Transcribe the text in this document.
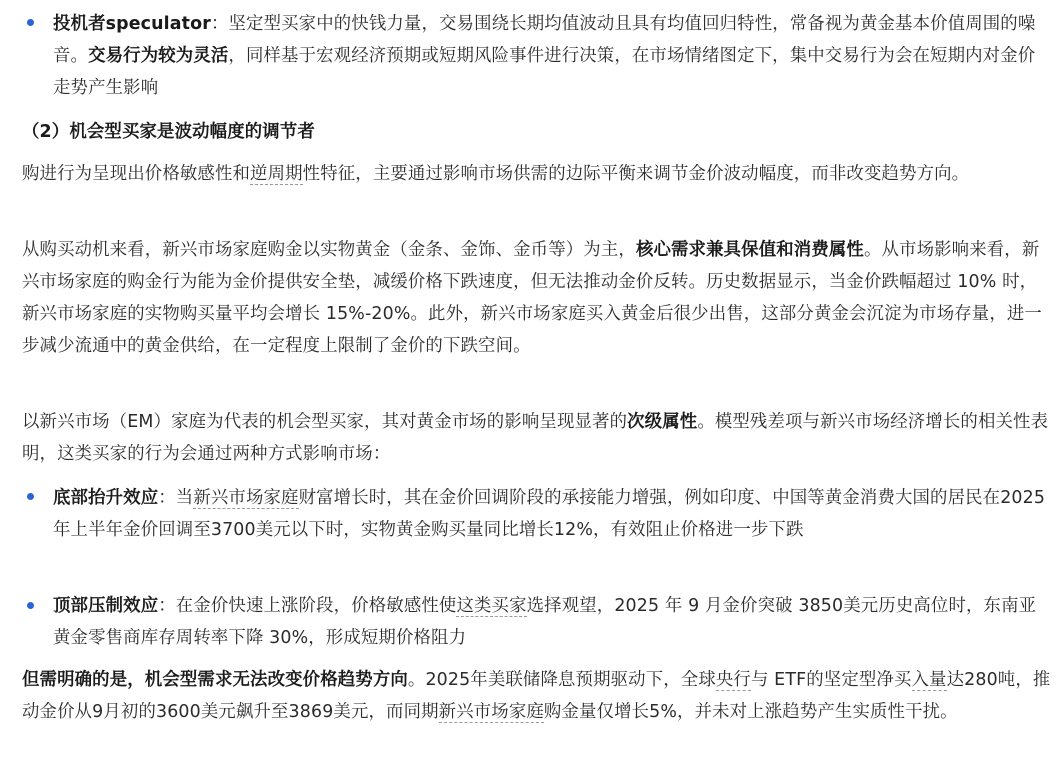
投机者speculator：坚定型买家中的快钱力量，交易围绕长期均值波动且具有均值回归特性，常备视为黄金基本价值周围的噪音。交易行为较为灵活，同样基于宏观经济预期或短期风险事件进行决策，在市场情绪图定下，集中交易行为会在短期内对金价走势产生影响
（2）机会型买家是波动幅度的调节者
购进行为呈现出价格敏感性和逆周期性特征，主要通过影响市场供需的边际平衡来调节金价波动幅度，而非改变趋势方向。
从购买动机来看，新兴市场家庭购金以实物黄金（金条、金饰、金币等）为主，核心需求兼具保值和消费属性。从市场影响来看，新兴市场家庭的购金行为能为金价提供安全垫，减缓价格下跌速度，但无法推动金价反转。历史数据显示，当金价跌幅超过 10% 时，新兴市场家庭的实物购买量平均会增长 15%-20%。此外，新兴市场家庭买入黄金后很少出售，这部分黄金会沉淀为市场存量，进一步减少流通中的黄金供给，在一定程度上限制了金价的下跌空间。
以新兴市场（EM）家庭为代表的机会型买家，其对黄金市场的影响呈现显著的次级属性。模型残差项与新兴市场经济增长的相关性表明，这类买家的行为会通过两种方式影响市场：
底部抬升效应：当新兴市场家庭财富增长时，其在金价回调阶段的承接能力增强，例如印度、中国等黄金消费大国的居民在2025年上半年金价回调至3700美元以下时，实物黄金购买量同比增长12%，有效阻止价格进一步下跌
顶部压制效应：在金价快速上涨阶段，价格敏感性使这类买家选择观望，2025 年 9 月金价突破 3850美元历史高位时，东南亚黄金零售商库存周转率下降 30%，形成短期价格阻力
但需明确的是，机会型需求无法改变价格趋势方向。2025年美联储降息预期驱动下，全球央行与 ETF的坚定型净买入量达280吨，推动金价从9月初的3600美元飙升至3869美元，而同期新兴市场家庭购金量仅增长5%，并未对上涨趋势产生实质性干扰。
